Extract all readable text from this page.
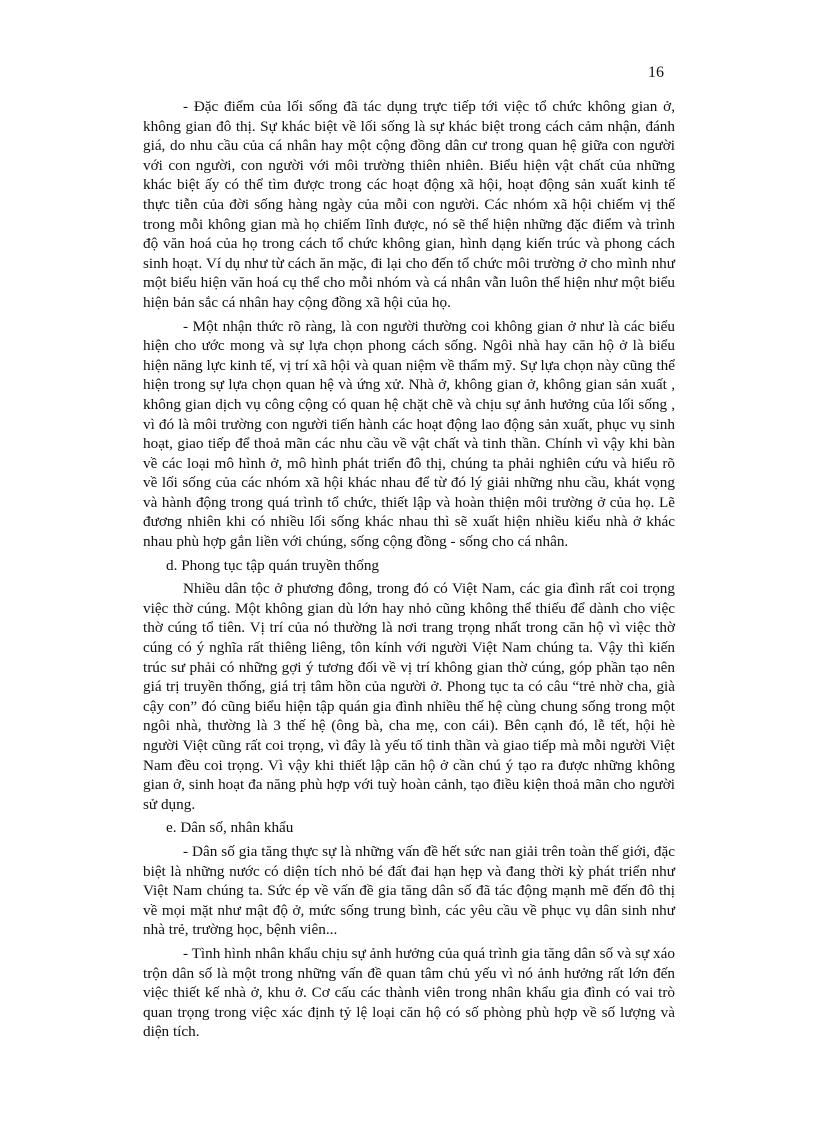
16

- Đặc điểm của lối sống đã tác dụng trực tiếp tới việc tổ chức không gian ở, không gian đô thị. Sự khác biệt về lối sống là sự khác biệt trong cách cảm nhận, đánh giá, do nhu cầu của cá nhân hay một cộng đồng dân cư trong quan hệ giữa con người với con người, con người với môi trường thiên nhiên. Biểu hiện vật chất của những khác biệt ấy có thể tìm được trong các hoạt động xã hội, hoạt động sản xuất kinh tế thực tiễn của đời sống hàng ngày của mỗi con người. Các nhóm xã hội chiếm vị thế trong mỗi không gian mà họ chiếm lĩnh được, nó sẽ thể hiện những đặc điểm và trình độ văn hoá của họ trong cách tổ chức không gian, hình dạng kiến trúc và phong cách sinh hoạt. Ví dụ như từ cách ăn mặc, đi lại cho đến tổ chức môi trường ở cho mình như một biểu hiện văn hoá cụ thể cho mỗi nhóm và cá nhân vẫn luôn thể hiện như một biểu hiện bản sắc cá nhân hay cộng đồng xã hội của họ.

- Một nhận thức rõ ràng, là con người thường coi không gian ở như là các biểu hiện cho ước mong và sự lựa chọn phong cách sống. Ngôi nhà hay căn hộ ở là biểu hiện năng lực kinh tế, vị trí xã hội và quan niệm về thẩm mỹ. Sự lựa chọn này cũng thể hiện trong sự lựa chọn quan hệ và ứng xử. Nhà ở, không gian ở, không gian sản xuất , không gian dịch vụ công cộng có quan hệ chặt chẽ và chịu sự ảnh hưởng của lối sống , vì đó là môi trường con người tiến hành các hoạt động lao động sản xuất, phục vụ sinh hoạt, giao tiếp để thoả mãn các nhu cầu về vật chất và tinh thần. Chính vì vậy khi bàn về các loại mô hình ở, mô hình phát triển đô thị, chúng ta phải nghiên cứu và hiểu rõ về lối sống của các nhóm xã hội khác nhau để từ đó lý giải những nhu cầu, khát vọng và hành động trong quá trình tổ chức, thiết lập và hoàn thiện môi trường ở của họ. Lẽ đương nhiên khi có nhiều lối sống khác nhau thì sẽ xuất hiện nhiều kiểu nhà ở khác nhau phù hợp gắn liền với chúng, sống cộng đồng - sống cho cá nhân.

d. Phong tục tập quán truyền thống

Nhiều dân tộc ở phương đông, trong đó có Việt Nam, các gia đình rất coi trọng việc thờ cúng. Một không gian dù lớn hay nhỏ cũng không thể thiếu để dành cho việc thờ cúng tổ tiên. Vị trí của nó thường là nơi trang trọng nhất trong căn hộ vì việc thờ cúng có ý nghĩa rất thiêng liêng, tôn kính với người Việt Nam chúng ta. Vậy thì kiến trúc sư phải có những gợi ý tương đối về vị trí không gian thờ cúng, góp phần tạo nên giá trị truyền thống, giá trị tâm hồn của người ở. Phong tục ta có câu “trẻ nhờ cha, già cậy con” đó cũng biểu hiện tập quán gia đình nhiều thế hệ cùng chung sống trong một ngôi nhà, thường là 3 thế hệ (ông bà, cha mẹ, con cái). Bên cạnh đó, lễ tết, hội hè người Việt cũng rất coi trọng, vì đây là yếu tố tinh thần và giao tiếp mà mỗi người Việt Nam đều coi trọng. Vì vậy khi thiết lập căn hộ ở cần chú ý tạo ra được những không gian ở, sinh hoạt đa năng phù hợp với tuỳ hoàn cảnh, tạo điều kiện thoả mãn cho người sử dụng.

e. Dân số, nhân khẩu

- Dân số gia tăng thực sự là những vấn đề hết sức nan giải trên toàn thế giới, đặc biệt là những nước có diện tích nhỏ bé đất đai hạn hẹp và đang thời kỳ phát triển như Việt Nam chúng ta. Sức ép về vấn đề gia tăng dân số đã tác động mạnh mẽ đến đô thị về mọi mặt như mật độ ở, mức sống trung bình, các yêu cầu về phục vụ dân sinh như nhà trẻ, trường học, bệnh viên...

- Tình hình nhân khẩu chịu sự ảnh hưởng của quá trình gia tăng dân số và sự xáo trộn dân số là một trong những vấn đề quan tâm chủ yếu vì nó ảnh hưởng rất lớn đến việc thiết kế nhà ở, khu ở. Cơ cấu các thành viên trong nhân khẩu gia đình có vai trò quan trọng trong việc xác định tỷ lệ loại căn hộ có số phòng phù hợp về số lượng và diện tích.
